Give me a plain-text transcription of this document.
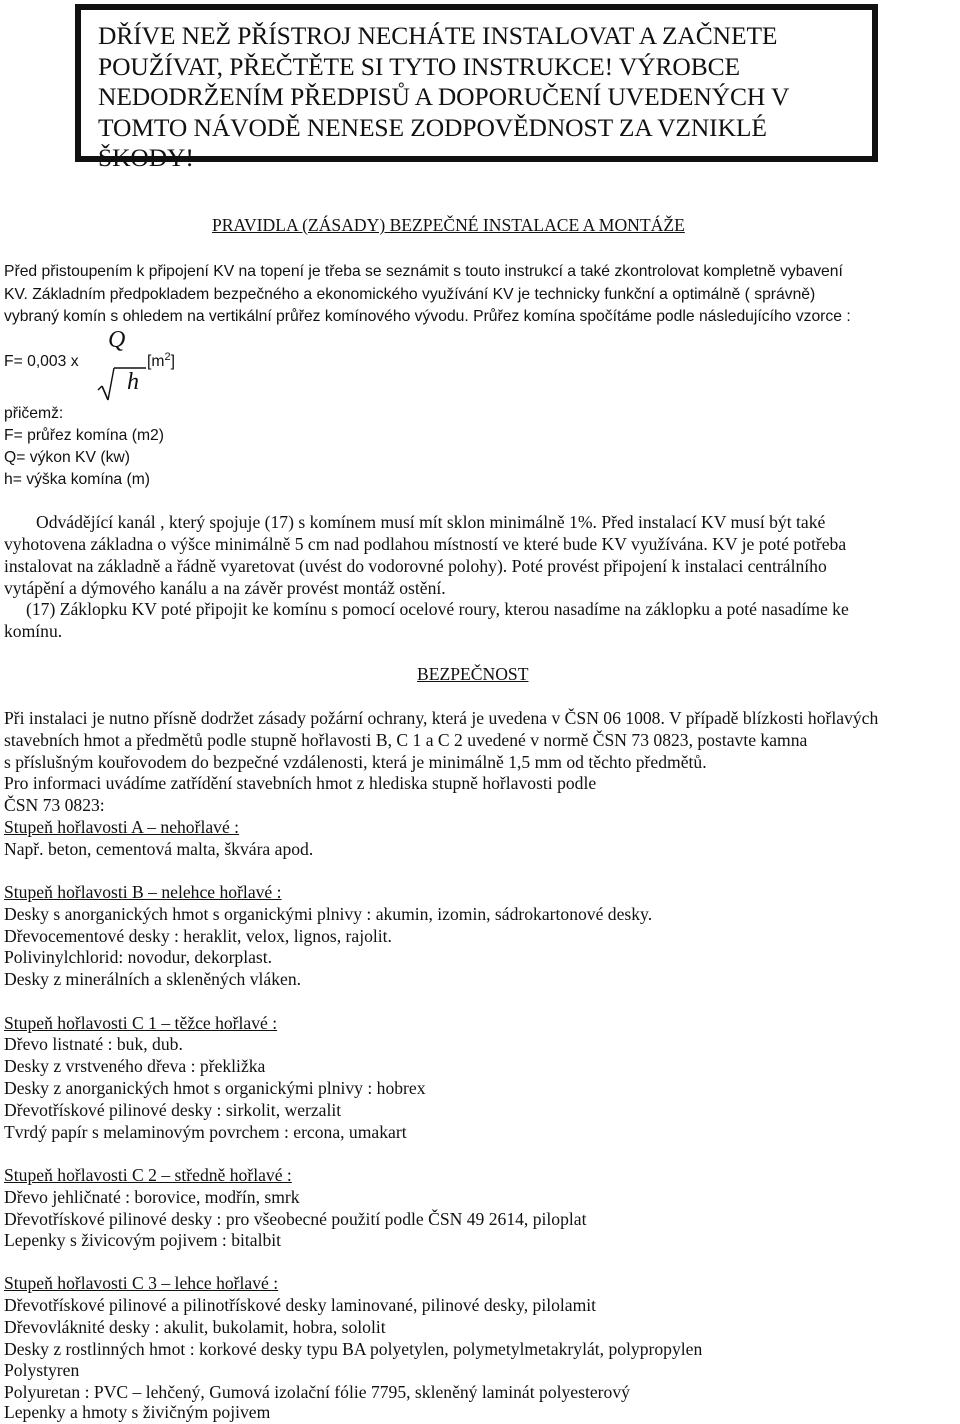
DŘÍVE NEŽ PŘÍSTROJ NECHÁTE INSTALOVAT A ZAČNETE POUŽÍVAT, PŘEČTĚTE SI TYTO INSTRUKCE! VÝROBCE NEDODRŽENÍM PŘEDPISŮ A DOPORUČENÍ UVEDENÝCH V TOMTO NÁVODĚ NENESE ZODPOVĚDNOST ZA VZNIKLÉ ŠKODY!
PRAVIDLA (ZÁSADY) BEZPEČNÉ INSTALACE A MONTÁŽE
Před přistoupením k připojení KV na topení je třeba se seznámit s touto instrukcí a také zkontrolovat kompletně vybavení
KV. Základním předpokladem bezpečného a ekonomického využívání KV je technicky funkční a optimálně ( správně)
vybraný komín s ohledem na vertikální průřez komínového vývodu. Průřez komína spočítáme podle následujícího vzorce :
F= 0,003 x
Q
h
$[m^2]$
přičemž:
F= průřez komína (m2)
Q= výkon KV (kw)
h= výška komína (m)
Odvádějící kanál , který spojuje (17) s komínem musí mít sklon minimálně 1%. Před instalací KV musí být také
vyhotovena základna o výšce minimálně 5 cm nad podlahou místností ve které bude KV využívána. KV je poté potřeba
instalovat na základně a řádně vyaretovat (uvést do vodorovné polohy). Poté provést připojení k instalaci centrálního
vytápění a dýmového kanálu a na závěr provést montáž ostění.
(17) Záklopku KV poté připojit ke komínu s pomocí ocelové roury, kterou nasadíme na záklopku a poté nasadíme ke
komínu.
BEZPEČNOST
Při instalaci je nutno přísně dodržet zásady požární ochrany, která je uvedena v ČSN 06 1008. V případě blízkosti hořlavých
stavebních hmot a předmětů podle stupně hořlavosti B, C 1 a C 2 uvedené v normě ČSN 73 0823, postavte kamna
s příslušným kouřovodem do bezpečné vzdálenosti, která je minimálně 1,5 mm od těchto předmětů.
Pro informaci uvádíme zatřídění stavebních hmot z hlediska stupně hořlavosti podle
ČSN 73 0823:
Stupeň hořlavosti A – nehořlavé :
Např. beton, cementová malta, škvára apod.
Stupeň hořlavosti B – nelehce hořlavé :
Desky s anorganických hmot s organickými plnivy : akumin, izomin, sádrokartonové desky.
Dřevocementové desky : heraklit, velox, lignos, rajolit.
Polivinylchlorid: novodur, dekorplast.
Desky z minerálních a skleněných vláken.
Stupeň hořlavosti C 1 – těžce hořlavé :
Dřevo listnaté : buk, dub.
Desky z vrstveného dřeva : překližka
Desky z anorganických hmot s organickými plnivy : hobrex
Dřevotřískové pilinové desky : sirkolit, werzalit
Tvrdý papír s melaminovým povrchem : ercona, umakart
Stupeň hořlavosti C 2 – středně hořlavé :
Dřevo jehličnaté : borovice, modřín, smrk
Dřevotřískové pilinové desky : pro všeobecné použití podle ČSN 49 2614, piloplat
Lepenky s živicovým pojivem : bitalbit
Stupeň hořlavosti C 3 – lehce hořlavé :
Dřevotřískové pilinové a pilinotřískové desky laminované, pilinové desky, pilolamit
Dřevovláknité desky : akulit, bukolamit, hobra, sololit
Desky z rostlinných hmot : korkové desky typu BA polyetylen, polymetylmetakrylát, polypropylen
Polystyren
Polyuretan : PVC – lehčený, Gumová izolační fólie 7795, skleněný laminát polyesterový
Lepenky a hmoty s živičným pojivem
